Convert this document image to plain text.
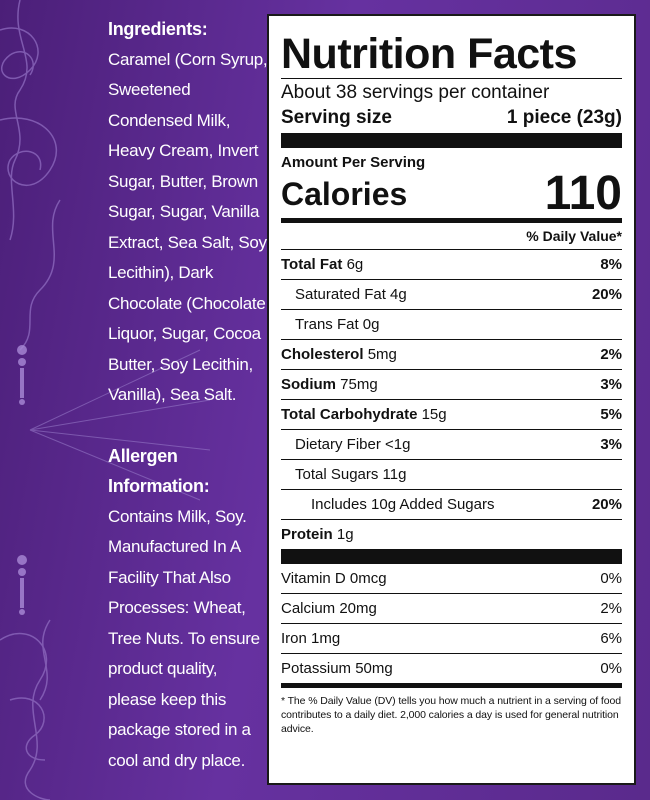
Ingredients:

Caramel (Corn Syrup, Sweetened Condensed Milk, Heavy Cream, Invert Sugar, Butter, Brown Sugar, Sugar, Vanilla Extract, Sea Salt, Soy Lecithin), Dark Chocolate (Chocolate Liquor, Sugar, Cocoa Butter, Soy Lecithin, Vanilla), Sea Salt.

Allergen Information:

Contains Milk, Soy. Manufactured In A Facility That Also Processes: Wheat, Tree Nuts. To ensure product quality, please keep this package stored in a cool and dry place.

Nutrition Facts
About 38 servings per container
Serving size	1 piece (23g)
Amount Per Serving
Calories	110
% Daily Value*
Total Fat 6g	8%
Saturated Fat 4g	20%
Trans Fat 0g
Cholesterol 5mg	2%
Sodium 75mg	3%
Total Carbohydrate 15g	5%
Dietary Fiber <1g	3%
Total Sugars 11g
Includes 10g Added Sugars	20%
Protein 1g
Vitamin D 0mcg	0%
Calcium 20mg	2%
Iron 1mg	6%
Potassium 50mg	0%
* The % Daily Value (DV) tells you how much a nutrient in a serving of food contributes to a daily diet. 2,000 calories a day is used for general nutrition advice.
